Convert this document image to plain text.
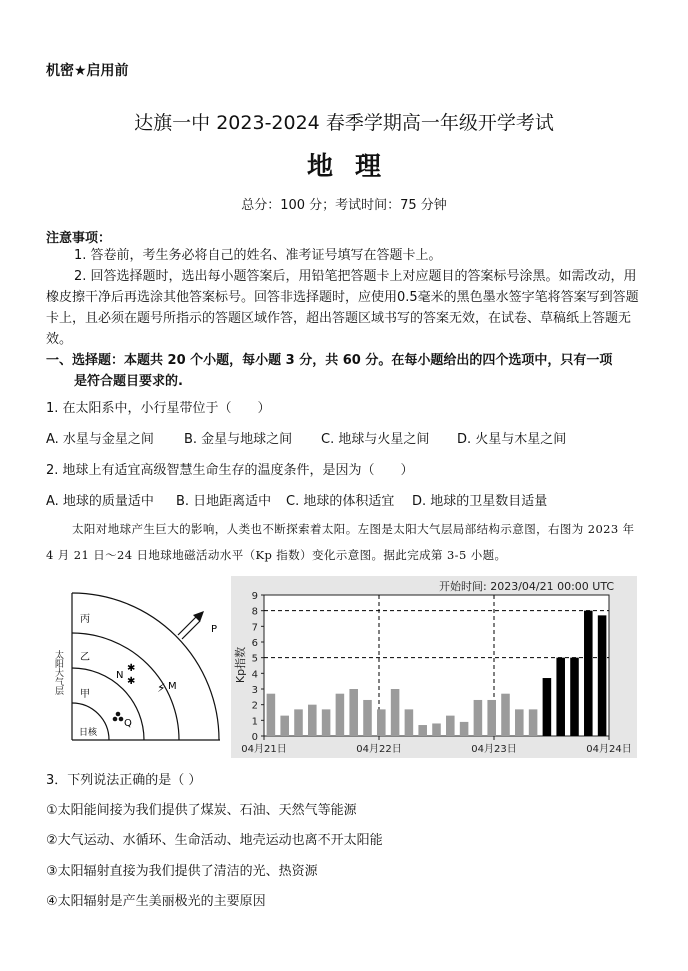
机密★启用前
达旗一中 2023-2024 春季学期高一年级开学考试
地理
总分：100 分；考试时间：75 分钟
注意事项：
1. 答卷前，考生务必将自己的姓名、准考证号填写在答题卡上。
2. 回答选择题时，选出每小题答案后，用铅笔把答题卡上对应题目的答案标号涂黑。如需改动，用橡皮擦干净后再选涂其他答案标号。回答非选择题时，应使用0.5毫米的黑色墨水签字笔将答案写到答题卡上，且必须在题号所指示的答题区域作答，超出答题区域书写的答案无效，在试卷、草稿纸上答题无效。
一、选择题：本题共 20 个小题，每小题 3 分，共 60 分。在每小题给出的四个选项中，只有一项
是符合题目要求的.
1. 在太阳系中，小行星带位于（　　）
A. 水星与金星之间 B. 金星与地球之间 C. 地球与火星之间 D. 火星与木星之间
2. 地球上有适宜高级智慧生命生存的温度条件，是因为（　　）
A. 地球的质量适中 B. 日地距离适中 C. 地球的体积适宜 D. 地球的卫星数目适量
太阳对地球产生巨大的影响，人类也不断探索着太阳。左图是太阳大气层局部结构示意图，右图为 2023 年 4 月 21 日～24 日地球地磁活动水平（Kp 指数）变化示意图。据此完成第 3-5 小题。
太阳大气层
丙
乙
甲
日核
P
N
✱
✱ ⚡ M
Q
开始时间: 2023/04/21 00:00 UTC
0
1
2
3
4
5
6
7
8
9
04月21日	04月22日	04月23日	04月24日
Kp指数
3．下列说法正确的是（ ）
①太阳能间接为我们提供了煤炭、石油、天然气等能源
②大气运动、水循环、生命活动、地壳运动也离不开太阳能
③太阳辐射直接为我们提供了清洁的光、热资源
④太阳辐射是产生美丽极光的主要原因
